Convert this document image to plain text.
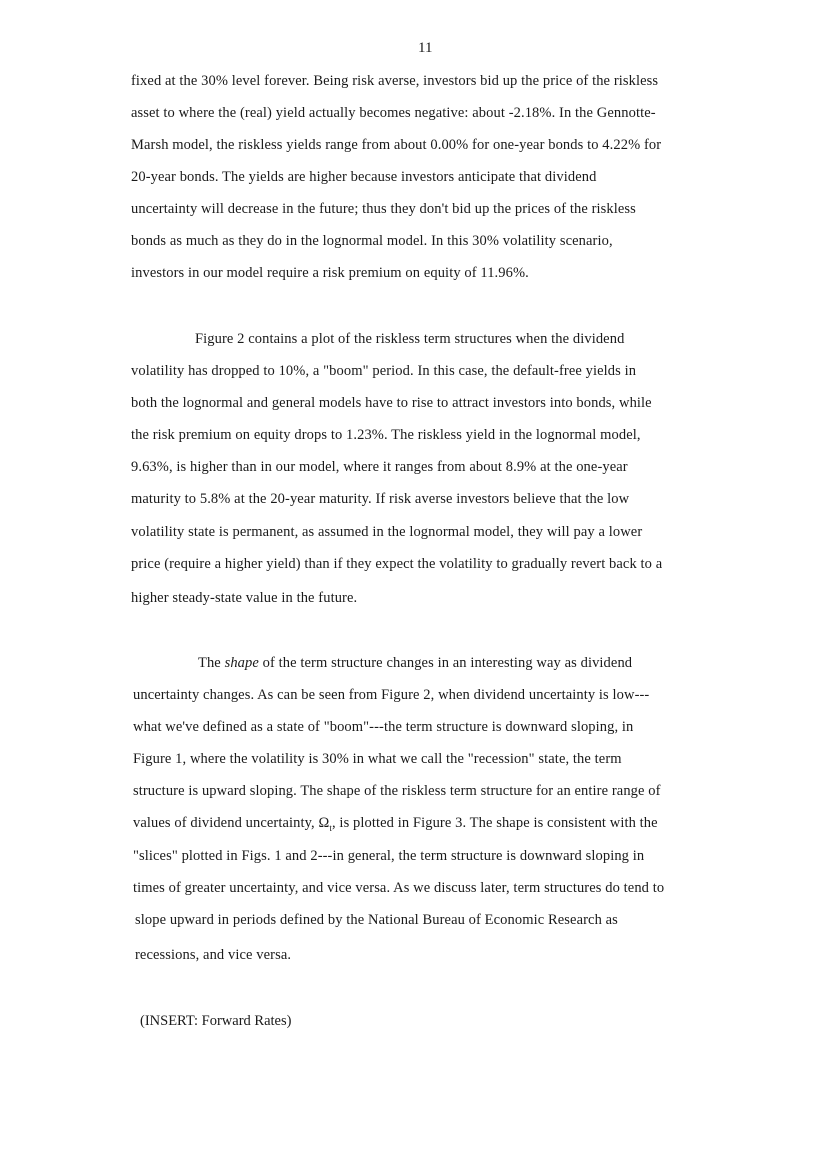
11

fixed at the 30% level forever. Being risk averse, investors bid up the price of the riskless

asset to where the (real) yield actually becomes negative: about -2.18%. In the Gennotte-

Marsh model, the riskless yields range from about 0.00% for one-year bonds to 4.22% for

20-year bonds. The yields are higher because investors anticipate that dividend

uncertainty will decrease in the future; thus they don't bid up the prices of the riskless

bonds as much as they do in the lognormal model. In this 30% volatility scenario,

investors in our model require a risk premium on equity of 11.96%.

Figure 2 contains a plot of the riskless term structures when the dividend

volatility has dropped to 10%, a "boom" period. In this case, the default-free yields in

both the lognormal and general models have to rise to attract investors into bonds, while

the risk premium on equity drops to 1.23%. The riskless yield in the lognormal model,

9.63%, is higher than in our model, where it ranges from about 8.9% at the one-year

maturity to 5.8% at the 20-year maturity. If risk averse investors believe that the low

volatility state is permanent, as assumed in the lognormal model, they will pay a lower

price (require a higher yield) than if they expect the volatility to gradually revert back to a

higher steady-state value in the future.

The shape of the term structure changes in an interesting way as dividend

uncertainty changes. As can be seen from Figure 2, when dividend uncertainty is low---

what we've defined as a state of "boom"---the term structure is downward sloping, in

Figure 1, where the volatility is 30% in what we call the "recession" state, the term

structure is upward sloping. The shape of the riskless term structure for an entire range of

values of dividend uncertainty, $\Omega_t$, is plotted in Figure 3. The shape is consistent with the

"slices" plotted in Figs. 1 and 2---in general, the term structure is downward sloping in

times of greater uncertainty, and vice versa. As we discuss later, term structures do tend to

slope upward in periods defined by the National Bureau of Economic Research as

recessions, and vice versa.

(INSERT: Forward Rates)
